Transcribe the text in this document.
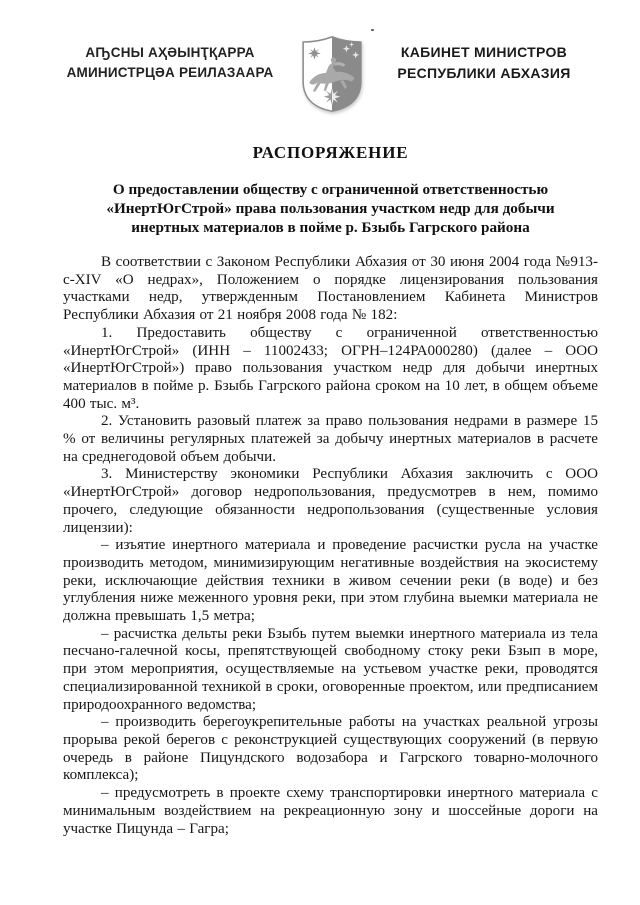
АҦСНЫ АҲӘЫНҬҚАРРА
АМИНИСТРЦӘА РЕИЛАЗААРА
КАБИНЕТ МИНИСТРОВ
РЕСПУБЛИКИ АБХАЗИЯ
РАСПОРЯЖЕНИЕ
О предоставлении обществу с ограниченной ответственностью
«ИнертЮгСтрой» права пользования участком недр для добычи
инертных материалов в пойме р. Бзыбь Гагрского района

В соответствии с Законом Республики Абхазия от 30 июня 2004 года №913-с-XIV «О недрах», Положением о порядке лицензирования пользования участками недр, утвержденным Постановлением Кабинета Министров Республики Абхазия от 21 ноября 2008 года № 182:

1. Предоставить обществу с ограниченной ответственностью «ИнертЮгСтрой» (ИНН – 11002433; ОГРН–124РА000280) (далее – ООО «ИнертЮгСтрой») право пользования участком недр для добычи инертных материалов в пойме р. Бзыбь Гагрского района сроком на 10 лет, в общем объеме 400 тыс. м³.

2. Установить разовый платеж за право пользования недрами в размере 15 % от величины регулярных платежей за добычу инертных материалов в расчете на среднегодовой объем добычи.

3. Министерству экономики Республики Абхазия заключить с ООО «ИнертЮгСтрой» договор недропользования, предусмотрев в нем, помимо прочего, следующие обязанности недропользования (существенные условия лицензии):

– изъятие инертного материала и проведение расчистки русла на участке производить методом, минимизирующим негативные воздействия на экосистему реки, исключающие действия техники в живом сечении реки (в воде) и без углубления ниже меженного уровня реки, при этом глубина выемки материала не должна превышать 1,5 метра;

– расчистка дельты реки Бзыбь путем выемки инертного материала из тела песчано-галечной косы, препятствующей свободному стоку реки Бзып в море, при этом мероприятия, осуществляемые на устьевом участке реки, проводятся специализированной техникой в сроки, оговоренные проектом, или предписанием природоохранного ведомства;

– производить берегоукрепительные работы на участках реальной угрозы прорыва рекой берегов с реконструкцией существующих сооружений (в первую очередь в районе Пицундского водозабора и Гагрского товарно-молочного комплекса);

– предусмотреть в проекте схему транспортировки инертного материала с минимальным воздействием на рекреационную зону и шоссейные дороги на участке Пицунда – Гагра;
